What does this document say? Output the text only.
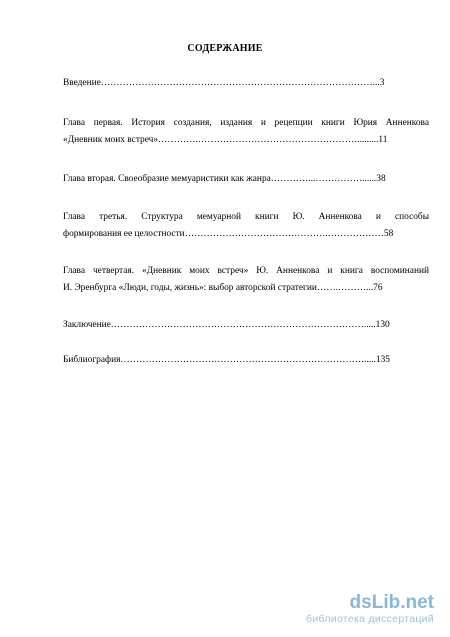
СОДЕРЖАНИЕ
Введение……………………………………………………………………………...3
Глава первая. История создания, издания и рецепции книги Юрия Анненкова
«Дневник моих встреч»………….…………………………………………….........11
Глава вторая. Своеобразие мемуаристики как жанра…………...……………......38
Глава третья. Структура мемуарной книги Ю. Анненкова и способы
формирования ее целостности……………………………………….………………58
Глава четвертая. «Дневник моих встреч» Ю. Анненкова и книга воспоминаний
И. Эренбурга «Люди, годы, жизнь»: выбор авторской стратегии…….………...76
Заключение……………………………………………………………………….....130
Библиография…………………………………………………………………….....135
dsLib.net
библиотека диссертаций
